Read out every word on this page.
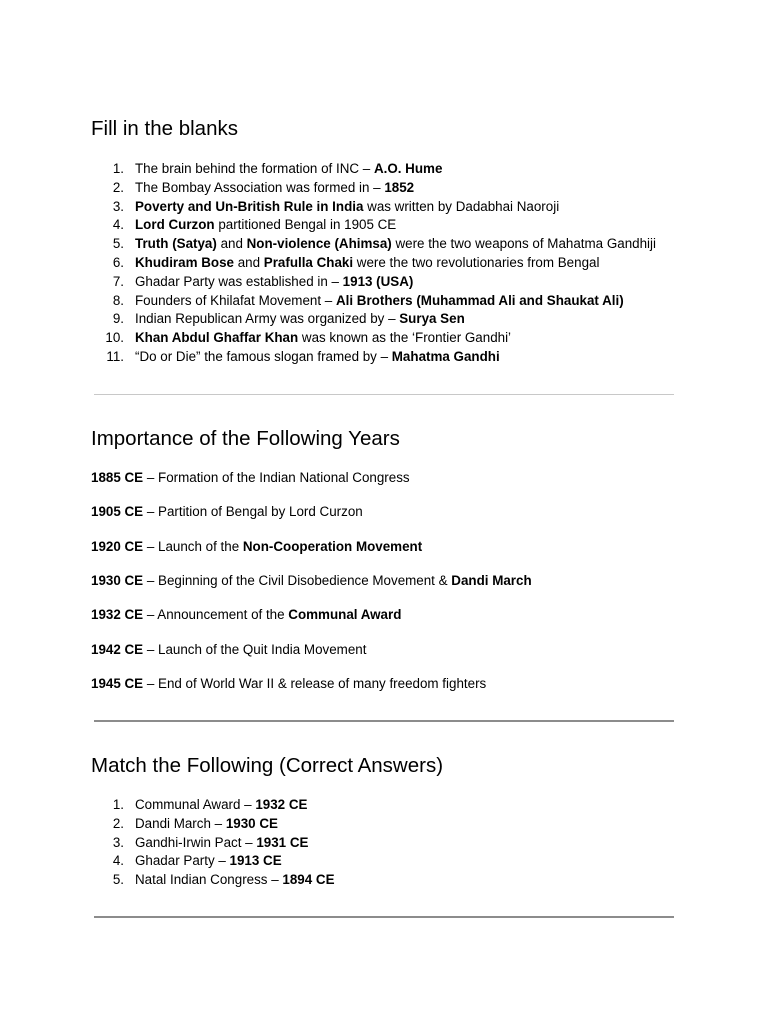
Fill in the blanks
1. The brain behind the formation of INC – A.O. Hume
2. The Bombay Association was formed in – 1852
3. Poverty and Un-British Rule in India was written by Dadabhai Naoroji
4. Lord Curzon partitioned Bengal in 1905 CE
5. Truth (Satya) and Non-violence (Ahimsa) were the two weapons of Mahatma Gandhiji
6. Khudiram Bose and Prafulla Chaki were the two revolutionaries from Bengal
7. Ghadar Party was established in – 1913 (USA)
8. Founders of Khilafat Movement – Ali Brothers (Muhammad Ali and Shaukat Ali)
9. Indian Republican Army was organized by – Surya Sen
10. Khan Abdul Ghaffar Khan was known as the ‘Frontier Gandhi’
11. “Do or Die” the famous slogan framed by – Mahatma Gandhi
Importance of the Following Years
1885 CE – Formation of the Indian National Congress
1905 CE – Partition of Bengal by Lord Curzon
1920 CE – Launch of the Non-Cooperation Movement
1930 CE – Beginning of the Civil Disobedience Movement & Dandi March
1932 CE – Announcement of the Communal Award
1942 CE – Launch of the Quit India Movement
1945 CE – End of World War II & release of many freedom fighters
Match the Following (Correct Answers)
1. Communal Award – 1932 CE
2. Dandi March – 1930 CE
3. Gandhi-Irwin Pact – 1931 CE
4. Ghadar Party – 1913 CE
5. Natal Indian Congress – 1894 CE
